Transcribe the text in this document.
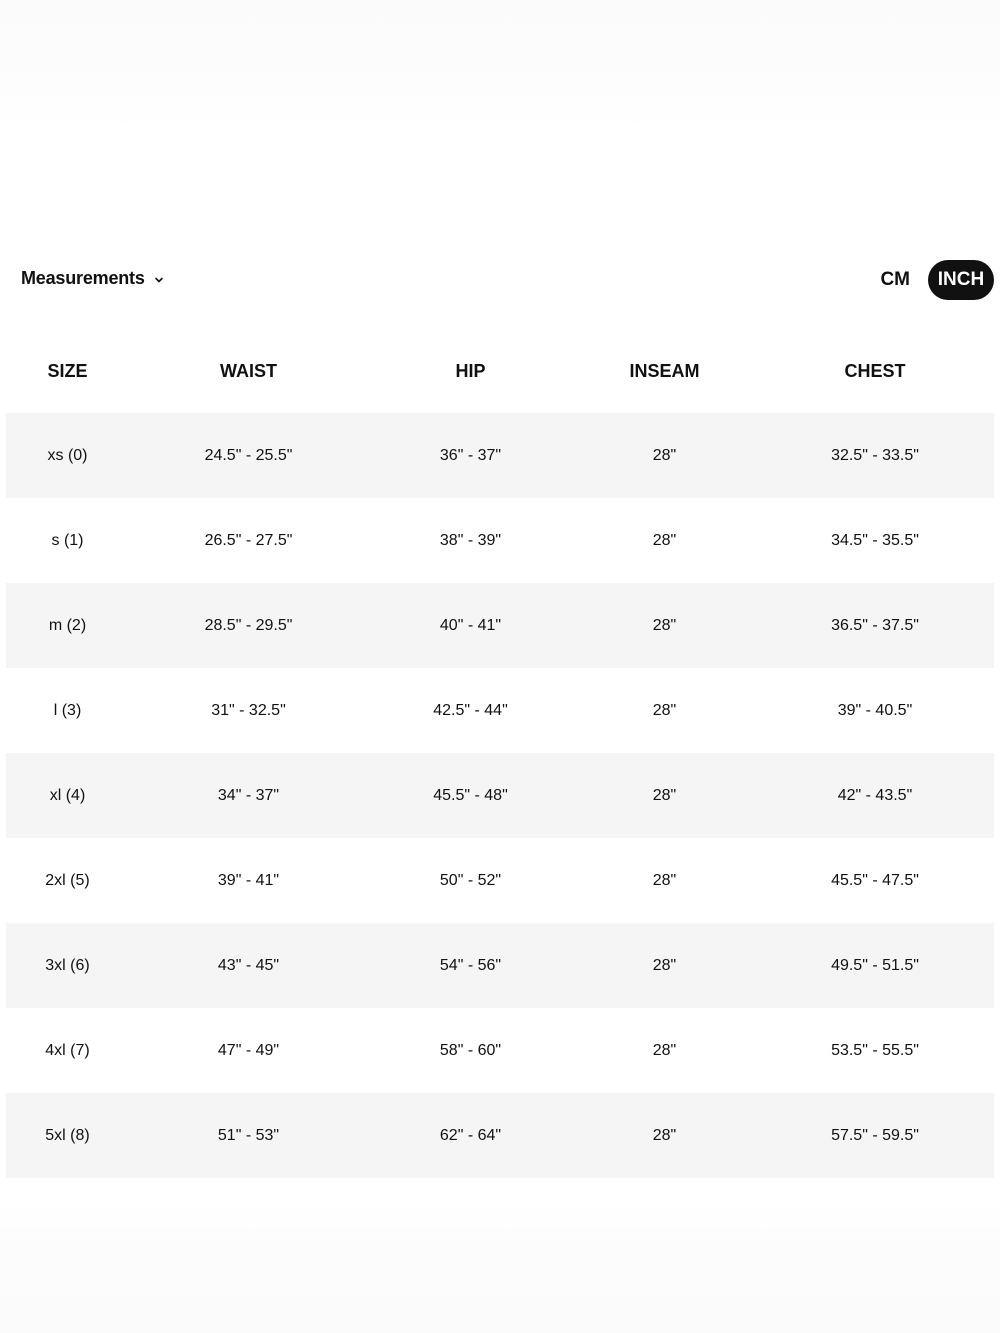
Measurements	CM	INCH
SIZE	WAIST	HIP	INSEAM	CHEST
xs (0)	24.5" - 25.5"	36" - 37"	28"	32.5" - 33.5"
s (1)	26.5" - 27.5"	38" - 39"	28"	34.5" - 35.5"
m (2)	28.5" - 29.5"	40" - 41"	28"	36.5" - 37.5"
l (3)	31" - 32.5"	42.5" - 44"	28"	39" - 40.5"
xl (4)	34" - 37"	45.5" - 48"	28"	42" - 43.5"
2xl (5)	39" - 41"	50" - 52"	28"	45.5" - 47.5"
3xl (6)	43" - 45"	54" - 56"	28"	49.5" - 51.5"
4xl (7)	47" - 49"	58" - 60"	28"	53.5" - 55.5"
5xl (8)	51" - 53"	62" - 64"	28"	57.5" - 59.5"
